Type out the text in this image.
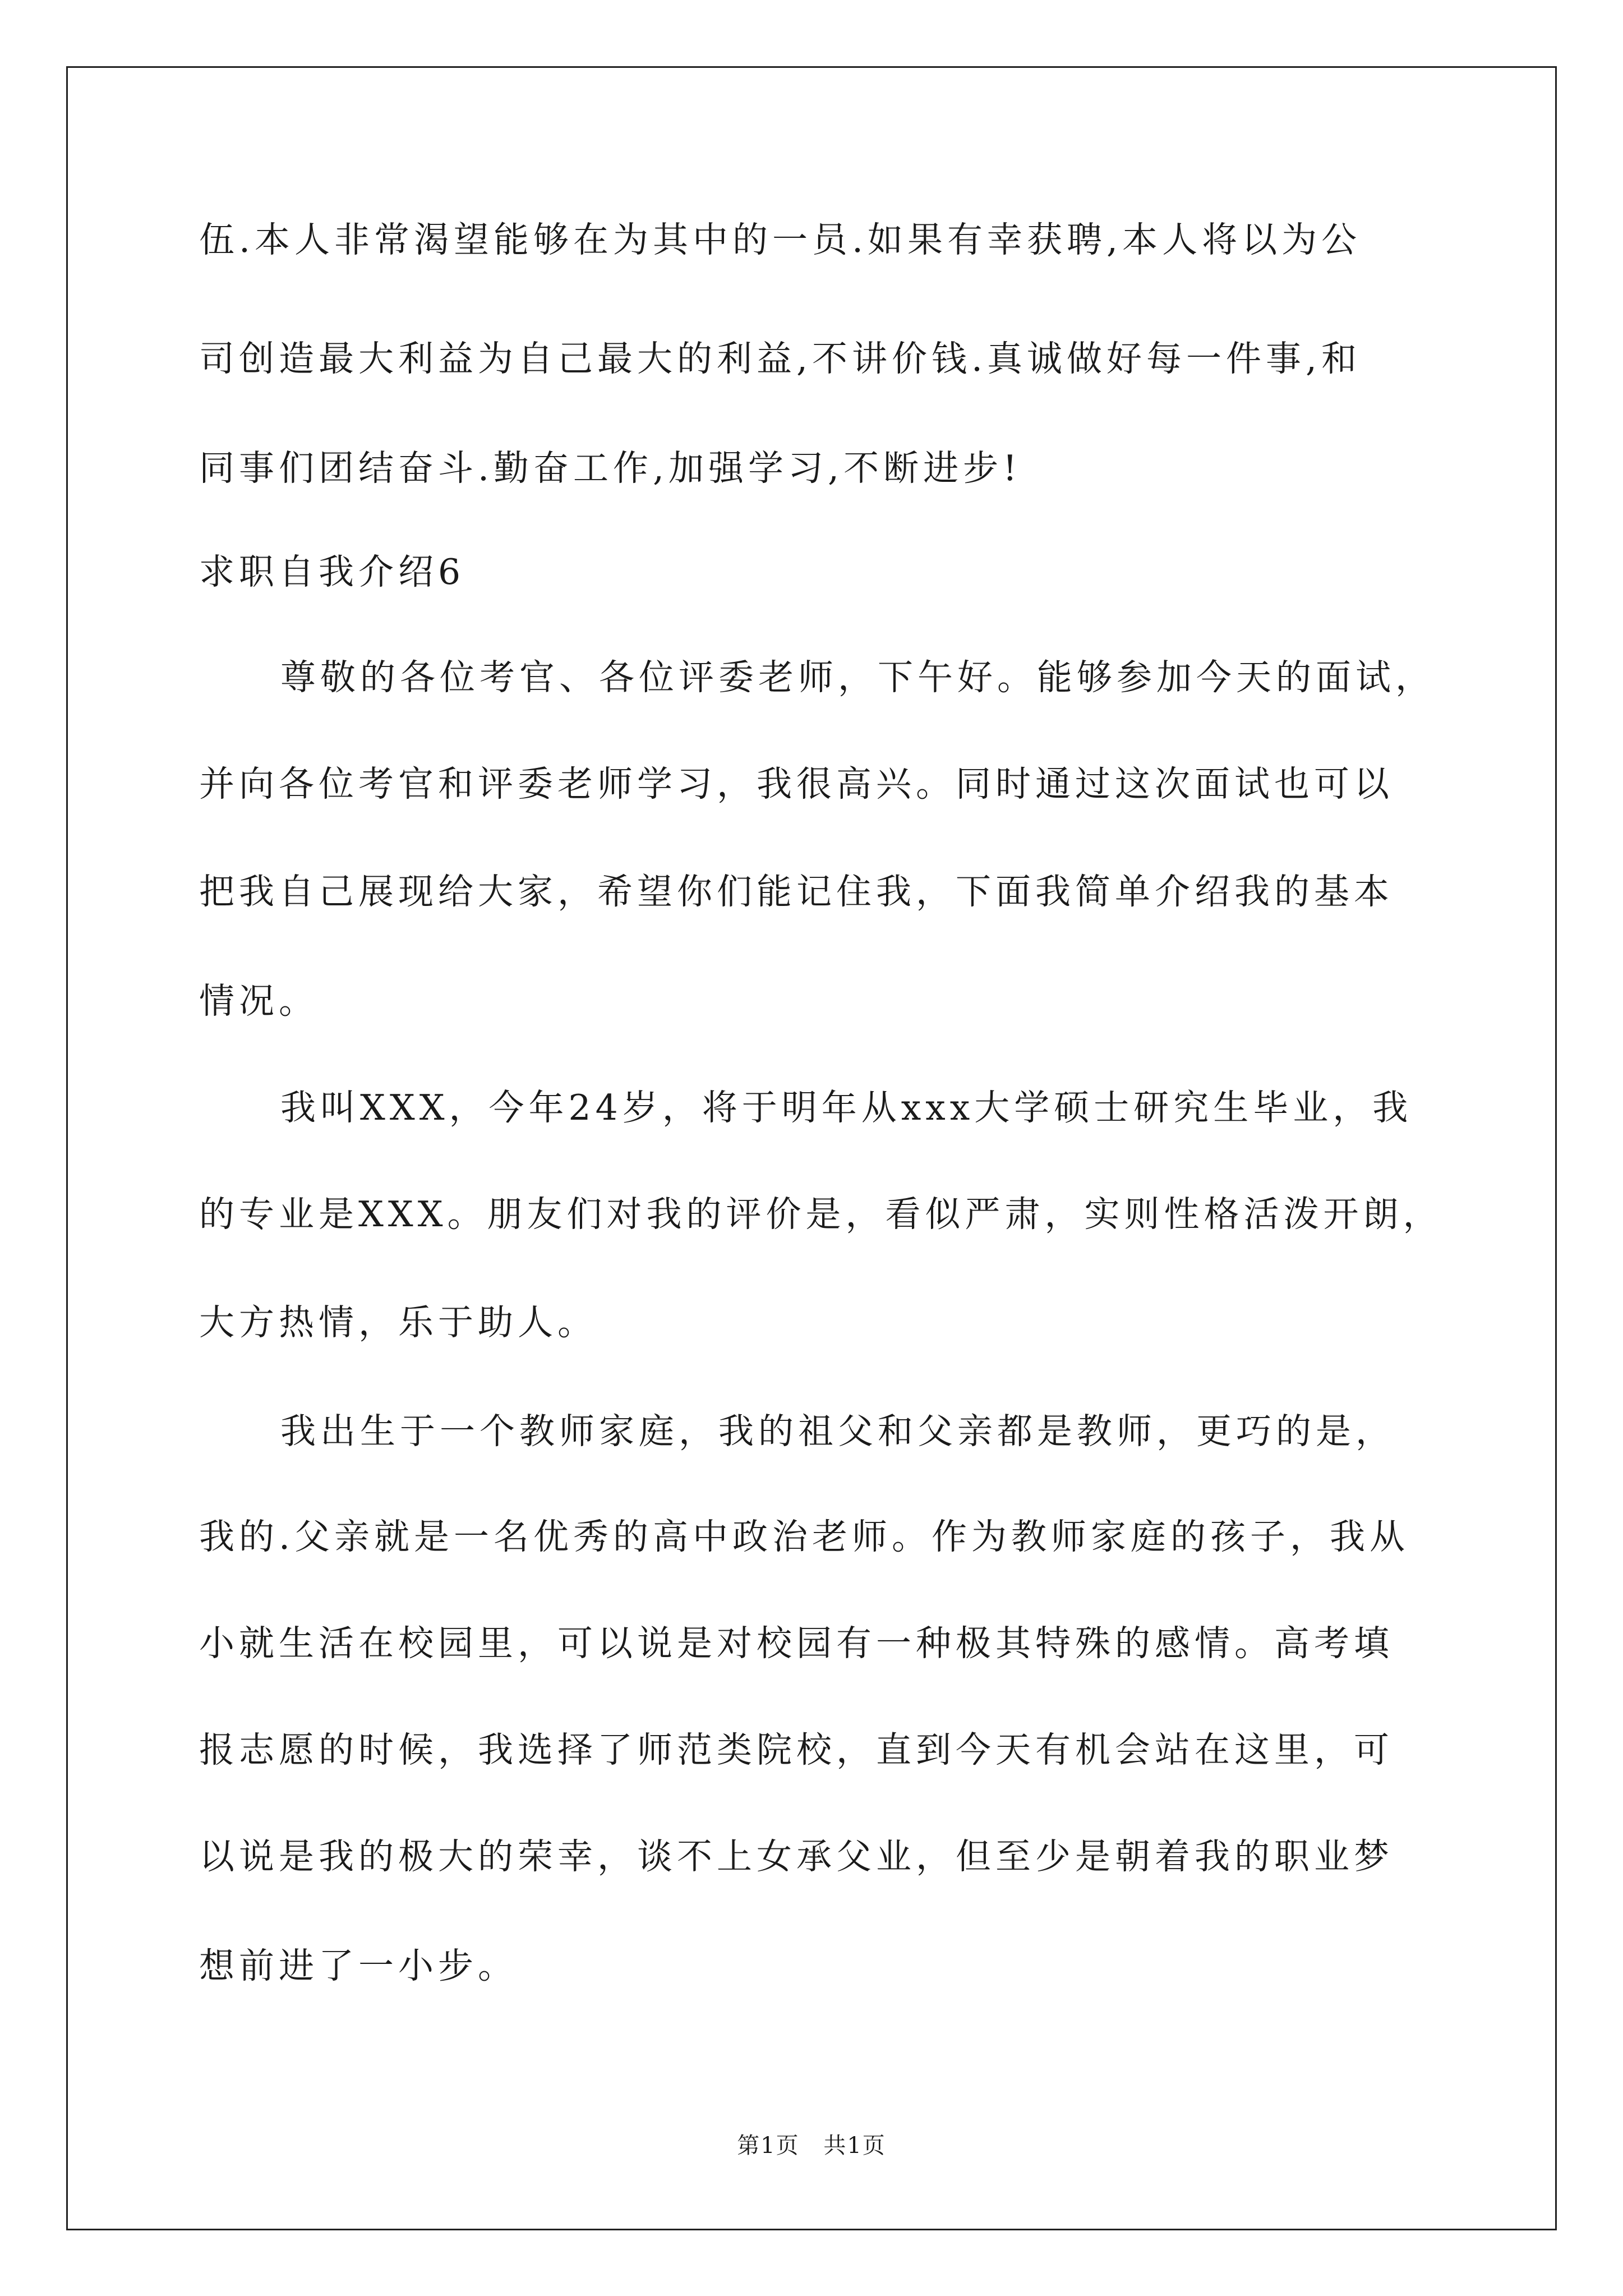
伍.本人非常渴望能够在为其中的一员.如果有幸获聘,本人将以为公
司创造最大利益为自己最大的利益,不讲价钱.真诚做好每一件事,和
同事们团结奋斗.勤奋工作,加强学习,不断进步!
求职自我介绍6
尊敬的各位考官、各位评委老师，下午好。能够参加今天的面试，
并向各位考官和评委老师学习，我很高兴。同时通过这次面试也可以
把我自己展现给大家，希望你们能记住我，下面我简单介绍我的基本
情况。
我叫XXX，今年24岁，将于明年从xxx大学硕士研究生毕业，我
的专业是XXX。朋友们对我的评价是，看似严肃，实则性格活泼开朗，
大方热情，乐于助人。
我出生于一个教师家庭，我的祖父和父亲都是教师，更巧的是，
我的.父亲就是一名优秀的高中政治老师。作为教师家庭的孩子，我从
小就生活在校园里，可以说是对校园有一种极其特殊的感情。高考填
报志愿的时候，我选择了师范类院校，直到今天有机会站在这里，可
以说是我的极大的荣幸，谈不上女承父业，但至少是朝着我的职业梦
想前进了一小步。
第1页 共1页
